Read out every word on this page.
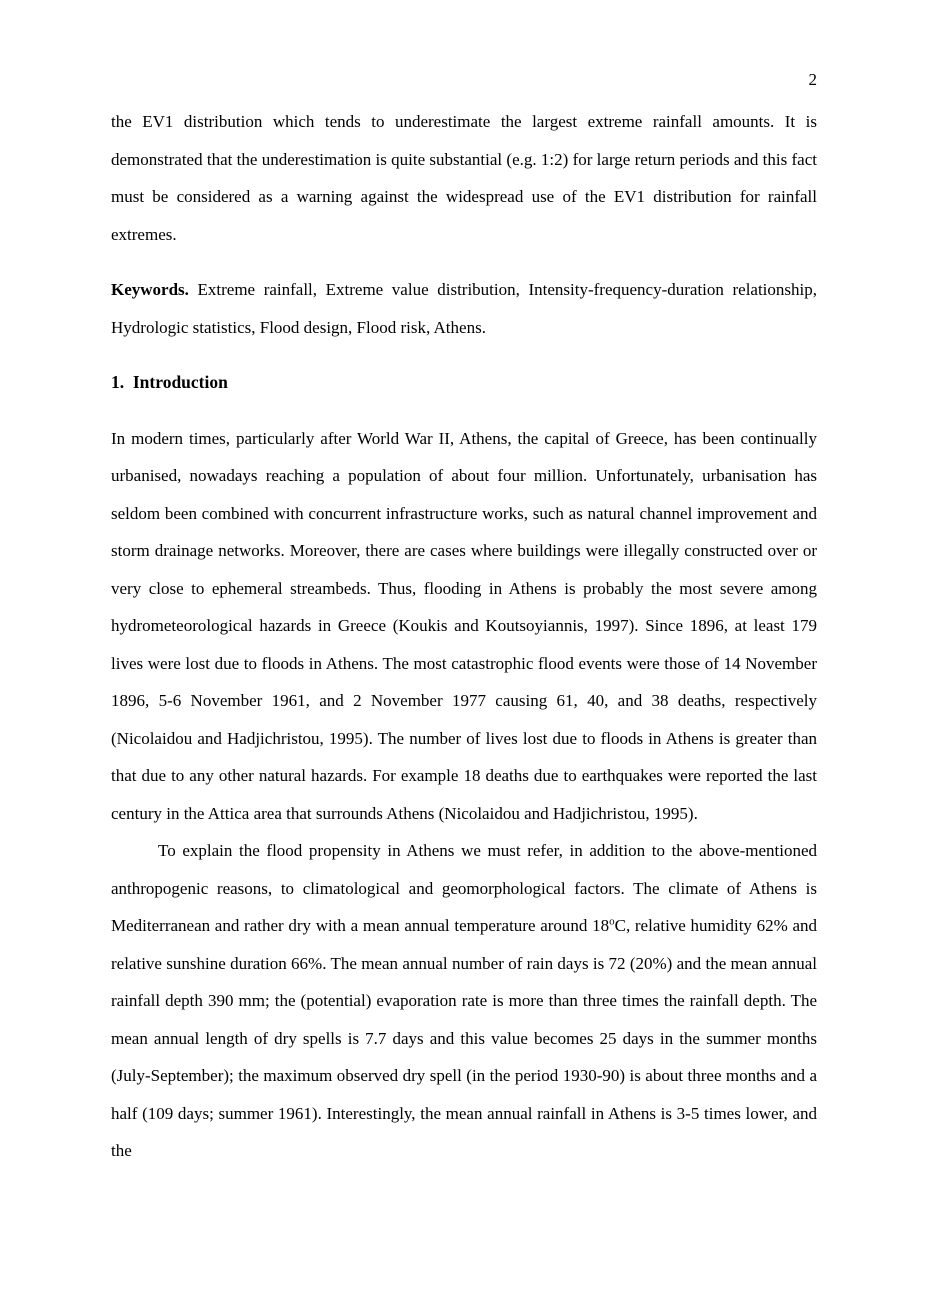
2

the EV1 distribution which tends to underestimate the largest extreme rainfall amounts. It is demonstrated that the underestimation is quite substantial (e.g. 1:2) for large return periods and this fact must be considered as a warning against the widespread use of the EV1 distribution for rainfall extremes.

Keywords. Extreme rainfall, Extreme value distribution, Intensity-frequency-duration relationship, Hydrologic statistics, Flood design, Flood risk, Athens.

1.  Introduction

In modern times, particularly after World War II, Athens, the capital of Greece, has been continually urbanised, nowadays reaching a population of about four million. Unfortunately, urbanisation has seldom been combined with concurrent infrastructure works, such as natural channel improvement and storm drainage networks. Moreover, there are cases where buildings were illegally constructed over or very close to ephemeral streambeds. Thus, flooding in Athens is probably the most severe among hydrometeorological hazards in Greece (Koukis and Koutsoyiannis, 1997). Since 1896, at least 179 lives were lost due to floods in Athens. The most catastrophic flood events were those of 14 November 1896, 5-6 November 1961, and 2 November 1977 causing 61, 40, and 38 deaths, respectively (Nicolaidou and Hadjichristou, 1995). The number of lives lost due to floods in Athens is greater than that due to any other natural hazards. For example 18 deaths due to earthquakes were reported the last century in the Attica area that surrounds Athens (Nicolaidou and Hadjichristou, 1995).

To explain the flood propensity in Athens we must refer, in addition to the above-mentioned anthropogenic reasons, to climatological and geomorphological factors. The climate of Athens is Mediterranean and rather dry with a mean annual temperature around 18$^o$C, relative humidity 62% and relative sunshine duration 66%. The mean annual number of rain days is 72 (20%) and the mean annual rainfall depth 390 mm; the (potential) evaporation rate is more than three times the rainfall depth. The mean annual length of dry spells is 7.7 days and this value becomes 25 days in the summer months (July-September); the maximum observed dry spell (in the period 1930-90) is about three months and a half (109 days; summer 1961). Interestingly, the mean annual rainfall in Athens is 3-5 times lower, and the
